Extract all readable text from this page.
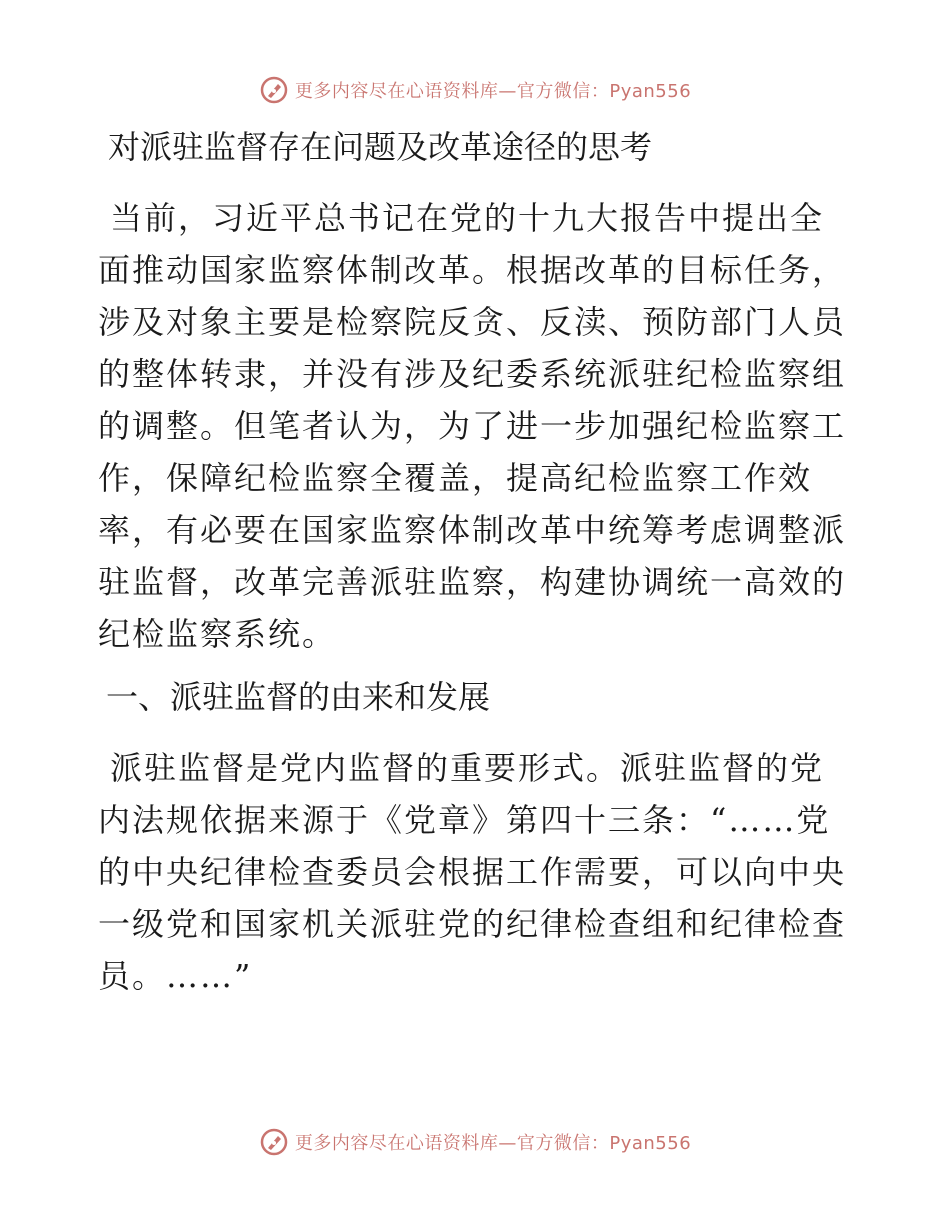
更多内容尽在心语资料库—官方微信：Pyan556
对派驻监督存在问题及改革途径的思考

当前，习近平总书记在党的十九大报告中提出全面推动国家监察体制改革。根据改革的目标任务，涉及对象主要是检察院反贪、反渎、预防部门人员的整体转隶，并没有涉及纪委系统派驻纪检监察组的调整。但笔者认为，为了进一步加强纪检监察工作，保障纪检监察全覆盖，提高纪检监察工作效率，有必要在国家监察体制改革中统筹考虑调整派驻监督，改革完善派驻监察，构建协调统一高效的纪检监察系统。

一、派驻监督的由来和发展

派驻监督是党内监督的重要形式。派驻监督的党内法规依据来源于《党章》第四十三条：“……党的中央纪律检查委员会根据工作需要，可以向中央一级党和国家机关派驻党的纪律检查组和纪律检查员。……”

更多内容尽在心语资料库—官方微信：Pyan556
